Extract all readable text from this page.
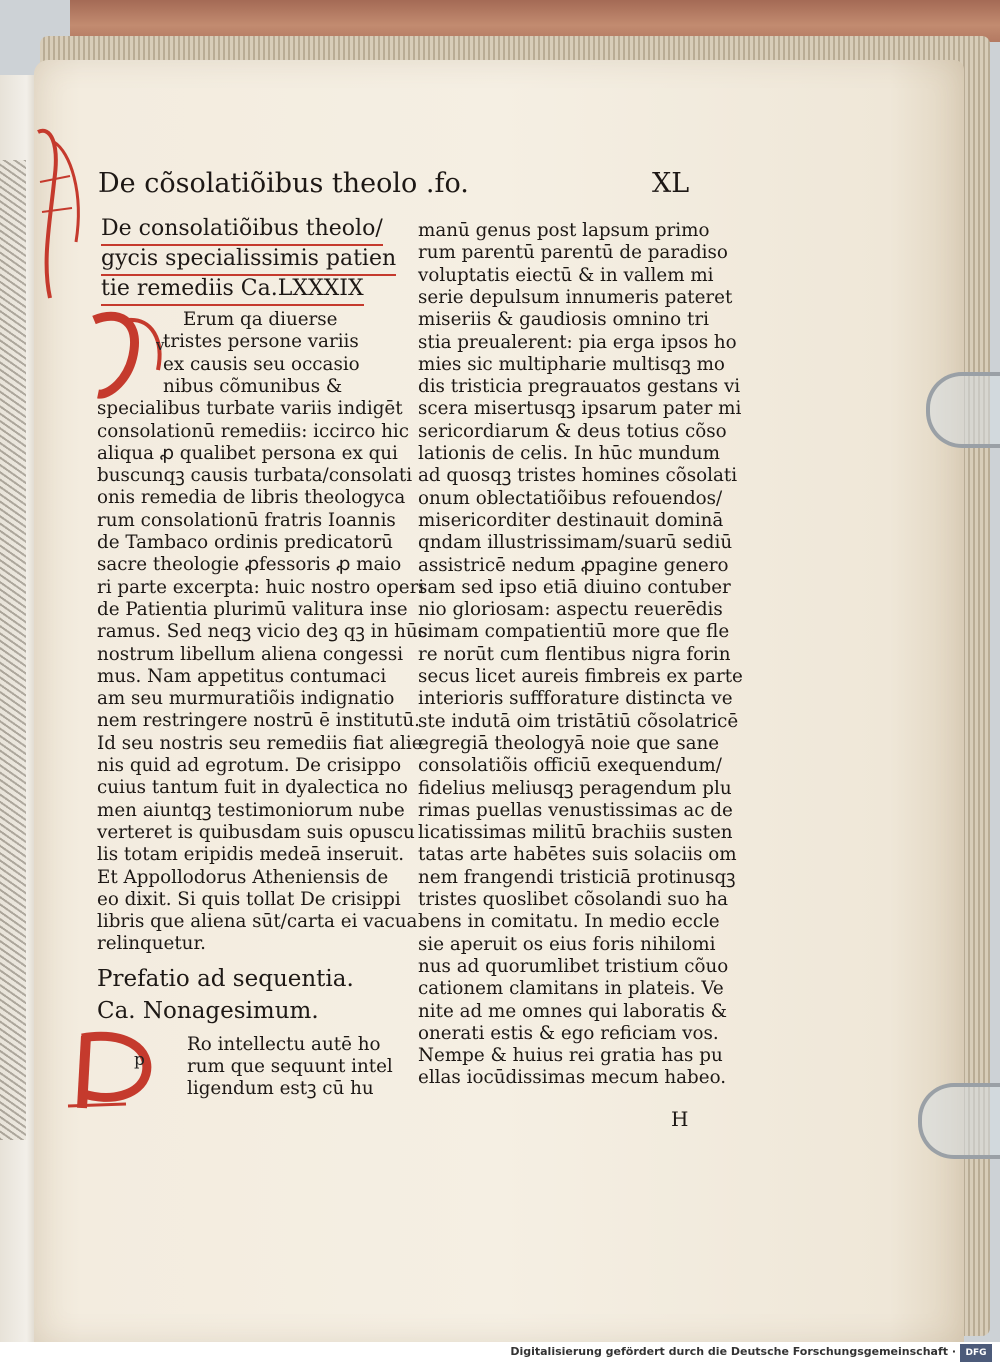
De cõsolatiõibus theolo .fo.	XL
De consolatiõibus theolo/
gycis specialissimis patien
tie remediis Ca.LXXXIX
v
Erum qa diuerse
tristes persone variis
ex causis seu occasio
nibus cõmunibus &
specialibus turbate variis indigēt
consolationū remediis: iccirco hic
aliqua ꝓ qualibet persona ex qui
buscunqꝫ causis turbata/consolati
onis remedia de libris theologyca
rum consolationū fratris Ioannis
de Tambaco ordinis predicatorū
sacre theologie ꝓfessoris ꝓ maio
ri parte excerpta: huic nostro operi
de Patientia plurimū valitura inse
ramus. Sed neqꝫ vicio deꝫ qꝫ in hūc
nostrum libellum aliena congessi
mus. Nam appetitus contumaci
am seu murmuratiõis indignatio
nem restringere nostrū ē institutū.
Id seu nostris seu remediis fiat alie
nis quid ad egrotum. De crisippo
cuius tantum fuit in dyalectica no
men aiuntqꝫ testimoniorum nube
verteret is quibusdam suis opuscu
lis totam eripidis medeā inseruit.
Et Appollodorus Atheniensis de
eo dixit. Si quis tollat De crisippi
libris que aliena sūt/carta ei vacua
relinquetur.
Prefatio ad sequentia.
Ca. Nonagesimum.
p
Ro intellectu autē ho
rum que sequunt intel
ligendum estꝫ cū hu
manū genus post lapsum primo
rum parentū parentū de paradiso
voluptatis eiectū & in vallem mi
serie depulsum innumeris pateret
miseriis & gaudiosis omnino tri
stia preualerent: pia erga ipsos ho
mies sic multipharie multisqꝫ mo
dis tristicia pregrauatos gestans vi
scera misertusqꝫ ipsarum pater mi
sericordiarum & deus totius cõso
lationis de celis. In hūc mundum
ad quosqꝫ tristes homines cõsolati
onum oblectatiõibus refouendos/
misericorditer destinauit dominā
qndam illustrissimam/suarū sediū
assistricē nedum ꝓpagine genero
sam sed ipso etiā diuino contuber
nio gloriosam: aspectu reuerēdis
simam compatientiū more que fle
re norūt cum flentibus nigra forin
secus licet aureis fimbreis ex parte
interioris suffforature distincta ve
ste indutā oim tristātiū cõsolatricē
egregiā theologyā noie que sane
consolatiõis officiū exequendum/
fidelius meliusqꝫ peragendum plu
rimas puellas venustissimas ac de
licatissimas militū brachiis susten
tatas arte habētes suis solaciis om
nem frangendi tristiciā protinusqꝫ
tristes quoslibet cõsolandi suo ha
bens in comitatu. In medio eccle
sie aperuit os eius foris nihilomi
nus ad quorumlibet tristium cõuo
cationem clamitans in plateis. Ve
nite ad me omnes qui laboratis &
onerati estis & ego reficiam vos.
Nempe & huius rei gratia has pu
ellas iocūdissimas mecum habeo.
H
Digitalisierung gefördert durch die Deutsche Forschungsgemeinschaft ·	DFG
